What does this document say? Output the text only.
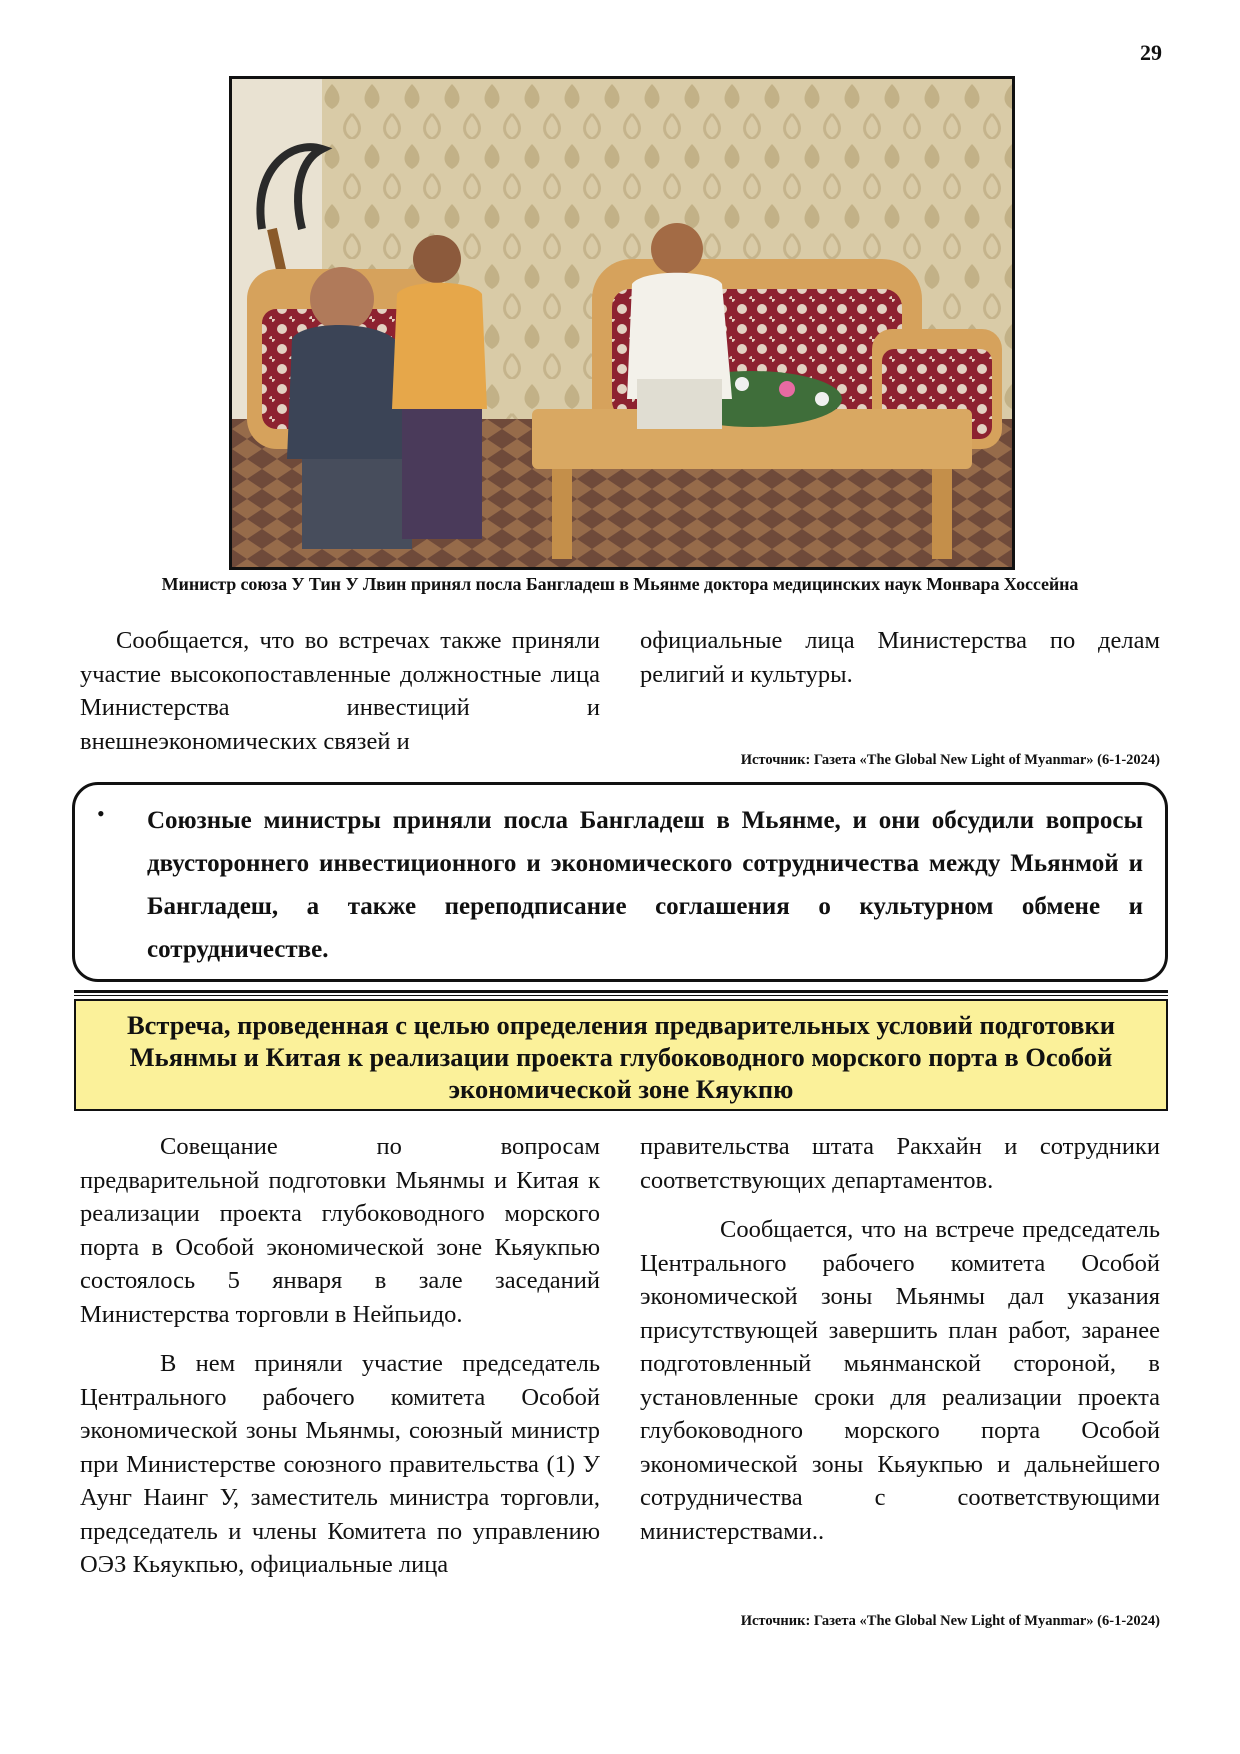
29
Министр союза У Тин У Лвин принял посла Бангладеш в Мьянме доктора медицинских наук Монвара Хоссейна

Сообщается, что во встречах также приняли участие высокопоставленные должностные лица Министерства инвестиций и внешнеэкономических связей и

официальные лица Министерства по делам религий и культуры.

Источник: Газета «The Global New Light of Myanmar» (6-1-2024)
•	Союзные министры приняли посла Бангладеш в Мьянме, и они обсудили вопросы двустороннего инвестиционного и экономического сотрудничества между Мьянмой и Бангладеш, а также переподписание соглашения о культурном обмене и сотрудничестве.
Встреча, проведенная с целью определения предварительных условий подготовки Мьянмы и Китая к реализации проекта глубоководного морского порта в Особой экономической зоне Кяукпю

Совещание по вопросам предварительной подготовки Мьянмы и Китая к реализации проекта глубоководного морского порта в Особой экономической зоне Кьяукпью состоялось 5 января в зале заседаний Министерства торговли в Нейпьидо.

В нем приняли участие председатель Центрального рабочего комитета Особой экономической зоны Мьянмы, союзный министр при Министерстве союзного правительства (1) У Аунг Наинг У, заместитель министра торговли, председатель и члены Комитета по управлению ОЭЗ Кьяукпью, официальные лица

правительства штата Ракхайн и сотрудники соответствующих департаментов.

Сообщается, что на встрече председатель Центрального рабочего комитета Особой экономической зоны Мьянмы дал указания присутствующей завершить план работ, заранее подготовленный мьянманской стороной, в установленные сроки для реализации проекта глубоководного морского порта Особой экономической зоны Кьяукпью и дальнейшего сотрудничества с соответствующими министерствами..

Источник: Газета «The Global New Light of Myanmar» (6-1-2024)
